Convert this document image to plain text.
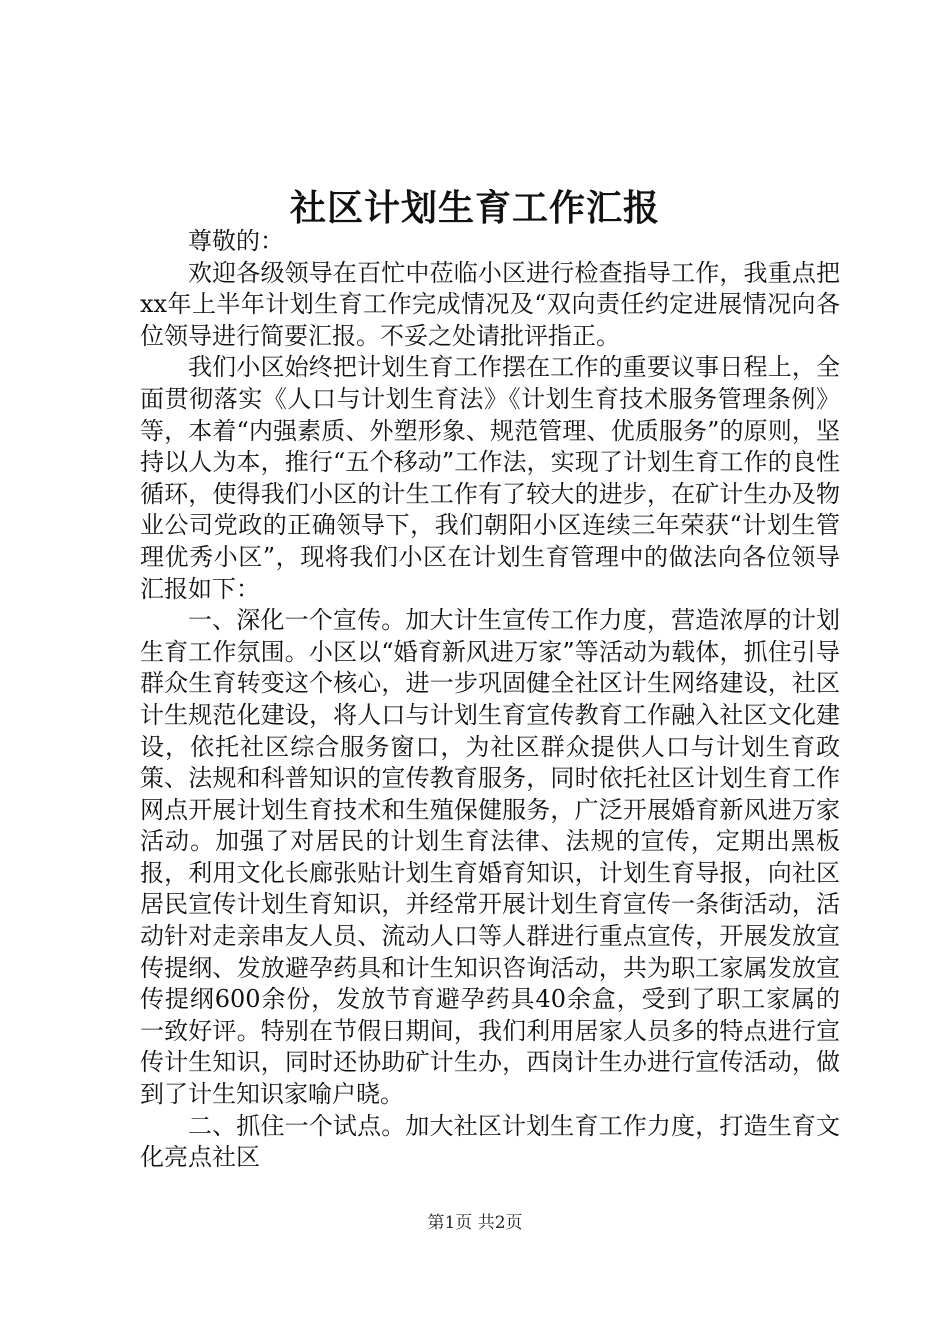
社区计划生育工作汇报

尊敬的：

欢迎各级领导在百忙中莅临小区进行检查指导工作，我重点把xx年上半年计划生育工作完成情况及“双向责任约定进展情况向各位领导进行简要汇报。不妥之处请批评指正。

我们小区始终把计划生育工作摆在工作的重要议事日程上，全面贯彻落实《人口与计划生育法》《计划生育技术服务管理条例》等，本着“内强素质、外塑形象、规范管理、优质服务”的原则，坚持以人为本，推行“五个移动”工作法，实现了计划生育工作的良性循环，使得我们小区的计生工作有了较大的进步，在矿计生办及物业公司党政的正确领导下，我们朝阳小区连续三年荣获“计划生管理优秀小区”，现将我们小区在计划生育管理中的做法向各位领导汇报如下：

一、深化一个宣传。加大计生宣传工作力度，营造浓厚的计划生育工作氛围。小区以“婚育新风进万家”等活动为载体，抓住引导群众生育转变这个核心，进一步巩固健全社区计生网络建设，社区计生规范化建设，将人口与计划生育宣传教育工作融入社区文化建设，依托社区综合服务窗口，为社区群众提供人口与计划生育政策、法规和科普知识的宣传教育服务，同时依托社区计划生育工作网点开展计划生育技术和生殖保健服务，广泛开展婚育新风进万家活动。加强了对居民的计划生育法律、法规的宣传，定期出黑板报，利用文化长廊张贴计划生育婚育知识，计划生育导报，向社区居民宣传计划生育知识，并经常开展计划生育宣传一条街活动，活动针对走亲串友人员、流动人口等人群进行重点宣传，开展发放宣传提纲、发放避孕药具和计生知识咨询活动，共为职工家属发放宣传提纲600余份，发放节育避孕药具40余盒，受到了职工家属的一致好评。特别在节假日期间，我们利用居家人员多的特点进行宣传计生知识，同时还协助矿计生办，西岗计生办进行宣传活动，做到了计生知识家喻户晓。

二、抓住一个试点。加大社区计划生育工作力度，打造生育文化亮点社区

第1页 共2页
